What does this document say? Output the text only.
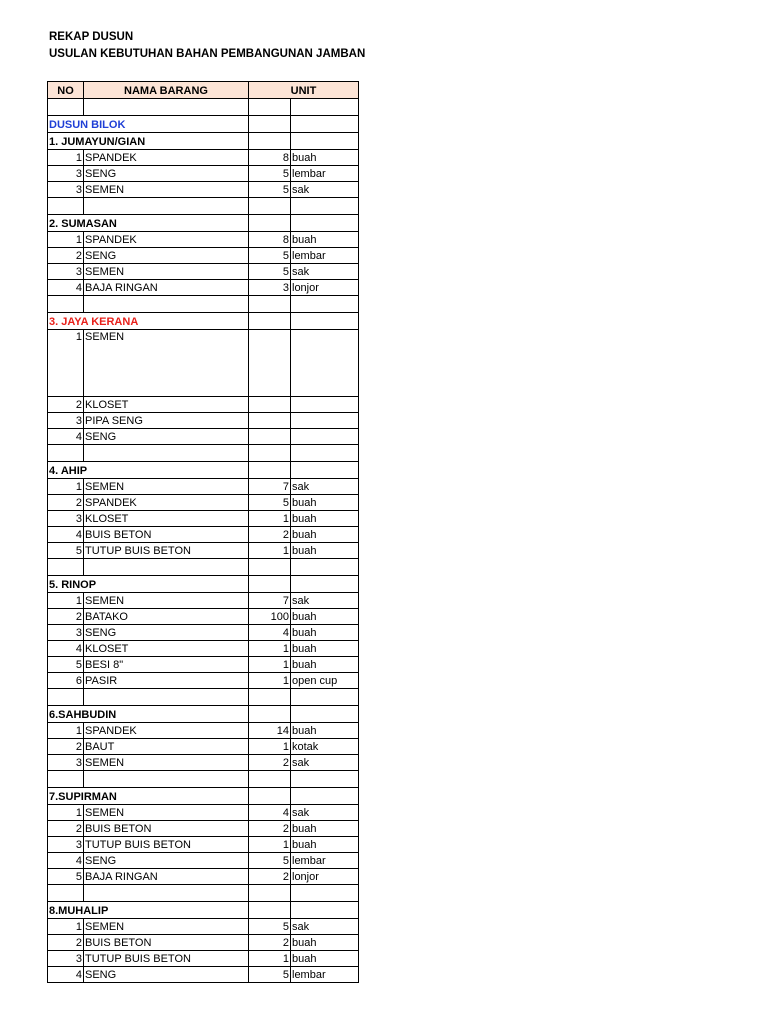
REKAP DUSUN
USULAN KEBUTUHAN BAHAN PEMBANGUNAN JAMBAN
NO	NAMA BARANG	UNIT	

DUSUN BILOK			
1. JUMAYUN/GIAN			
1	SPANDEK	8	buah
3	SENG	5	lembar
3	SEMEN	5	sak

2. SUMASAN			
1	SPANDEK	8	buah
2	SENG	5	lembar
3	SEMEN	5	sak
4	BAJA RINGAN	3	lonjor

3. JAYA KERANA			
1	SEMEN		
2	KLOSET		
3	PIPA SENG		
4	SENG		

4. AHIP			
1	SEMEN	7	sak
2	SPANDEK	5	buah
3	KLOSET	1	buah
4	BUIS BETON	2	buah
5	TUTUP BUIS BETON	1	buah

5. RINOP			
1	SEMEN	7	sak
2	BATAKO	100	buah
3	SENG	4	buah
4	KLOSET	1	buah
5	BESI 8"	1	buah
6	PASIR	1	open cup

6.SAHBUDIN			
1	SPANDEK	14	buah
2	BAUT	1	kotak
3	SEMEN	2	sak

7.SUPIRMAN			
1	SEMEN	4	sak
2	BUIS BETON	2	buah
3	TUTUP BUIS BETON	1	buah
4	SENG	5	lembar
5	BAJA RINGAN	2	lonjor

8.MUHALIP			
1	SEMEN	5	sak
2	BUIS BETON	2	buah
3	TUTUP BUIS BETON	1	buah
4	SENG	5	lembar
